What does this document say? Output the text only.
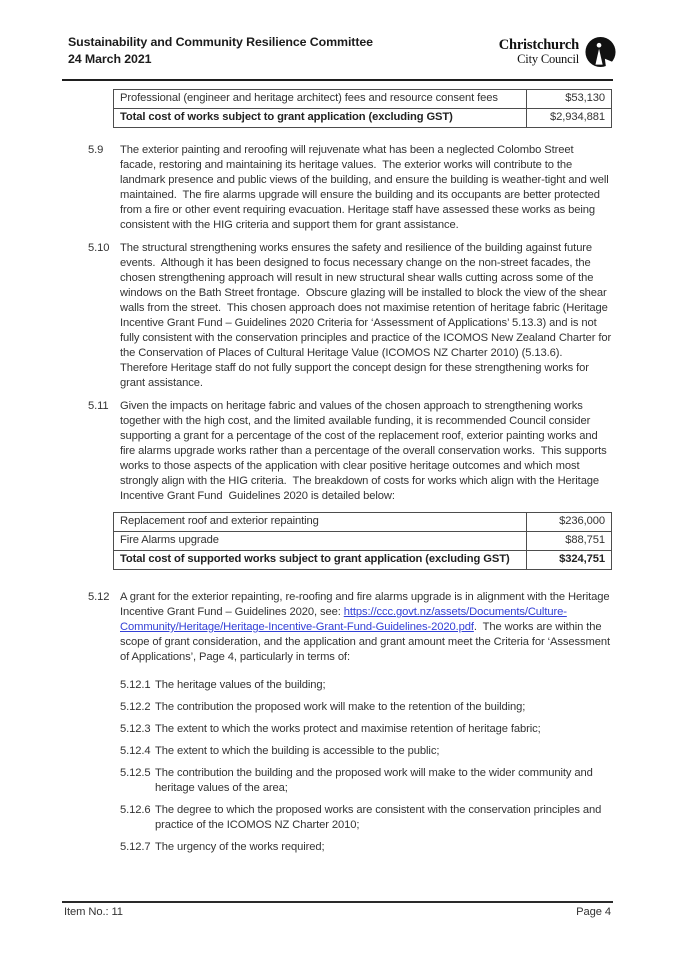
Sustainability and Community Resilience Committee
24 March 2021
Christchurch
City Council
Professional (engineer and heritage architect) fees and resource consent fees	$53,130
Total cost of works subject to grant application (excluding GST)	$2,934,881
5.9	The exterior painting and reroofing will rejuvenate what has been a neglected Colombo Street facade, restoring and maintaining its heritage values.  The exterior works will contribute to the landmark presence and public views of the building, and ensure the building is weather-tight and well maintained.  The fire alarms upgrade will ensure the building and its occupants are better protected from a fire or other event requiring evacuation. Heritage staff have assessed these works as being consistent with the HIG criteria and support them for grant assistance.
5.10 The structural strengthening works ensures the safety and resilience of the building against future events.  Although it has been designed to focus necessary change on the non-street facades, the chosen strengthening approach will result in new structural shear walls cutting across some of the windows on the Bath Street frontage.  Obscure glazing will be installed to block the view of the shear walls from the street.  This chosen approach does not maximise retention of heritage fabric (Heritage Incentive Grant Fund – Guidelines 2020 Criteria for ‘Assessment of Applications’ 5.13.3) and is not fully consistent with the conservation principles and practice of the ICOMOS New Zealand Charter for the Conservation of Places of Cultural Heritage Value (ICOMOS NZ Charter 2010) (5.13.6).  Therefore Heritage staff do not fully support the concept design for these strengthening works for grant assistance.
5.11	Given the impacts on heritage fabric and values of the chosen approach to strengthening works together with the high cost, and the limited available funding, it is recommended Council consider supporting a grant for a percentage of the cost of the replacement roof, exterior painting works and fire alarms upgrade works rather than a percentage of the overall conservation works.  This supports works to those aspects of the application with clear positive heritage outcomes and which most strongly align with the HIG criteria.  The breakdown of costs for works which align with the Heritage Incentive Grant Fund  Guidelines 2020 is detailed below:
Replacement roof and exterior repainting	$236,000
Fire Alarms upgrade	$88,751
Total cost of supported works subject to grant application (excluding GST)	$324,751
5.12 A grant for the exterior repainting, re-roofing and fire alarms upgrade is in alignment with the Heritage Incentive Grant Fund – Guidelines 2020, see: https://ccc.govt.nz/assets/Documents/Culture-Community/Heritage/Heritage-Incentive-Grant-Fund-Guidelines-2020.pdf.  The works are within the scope of grant consideration, and the application and grant amount meet the Criteria for ‘Assessment of Applications’, Page 4, particularly in terms of:
5.12.1 The heritage values of the building;
5.12.2 The contribution the proposed work will make to the retention of the building;
5.12.3 The extent to which the works protect and maximise retention of heritage fabric;
5.12.4 The extent to which the building is accessible to the public;
5.12.5 The contribution the building and the proposed work will make to the wider community and heritage values of the area;
5.12.6 The degree to which the proposed works are consistent with the conservation principles and practice of the ICOMOS NZ Charter 2010;
5.12.7 The urgency of the works required;
Item No.: 11	Page 4
